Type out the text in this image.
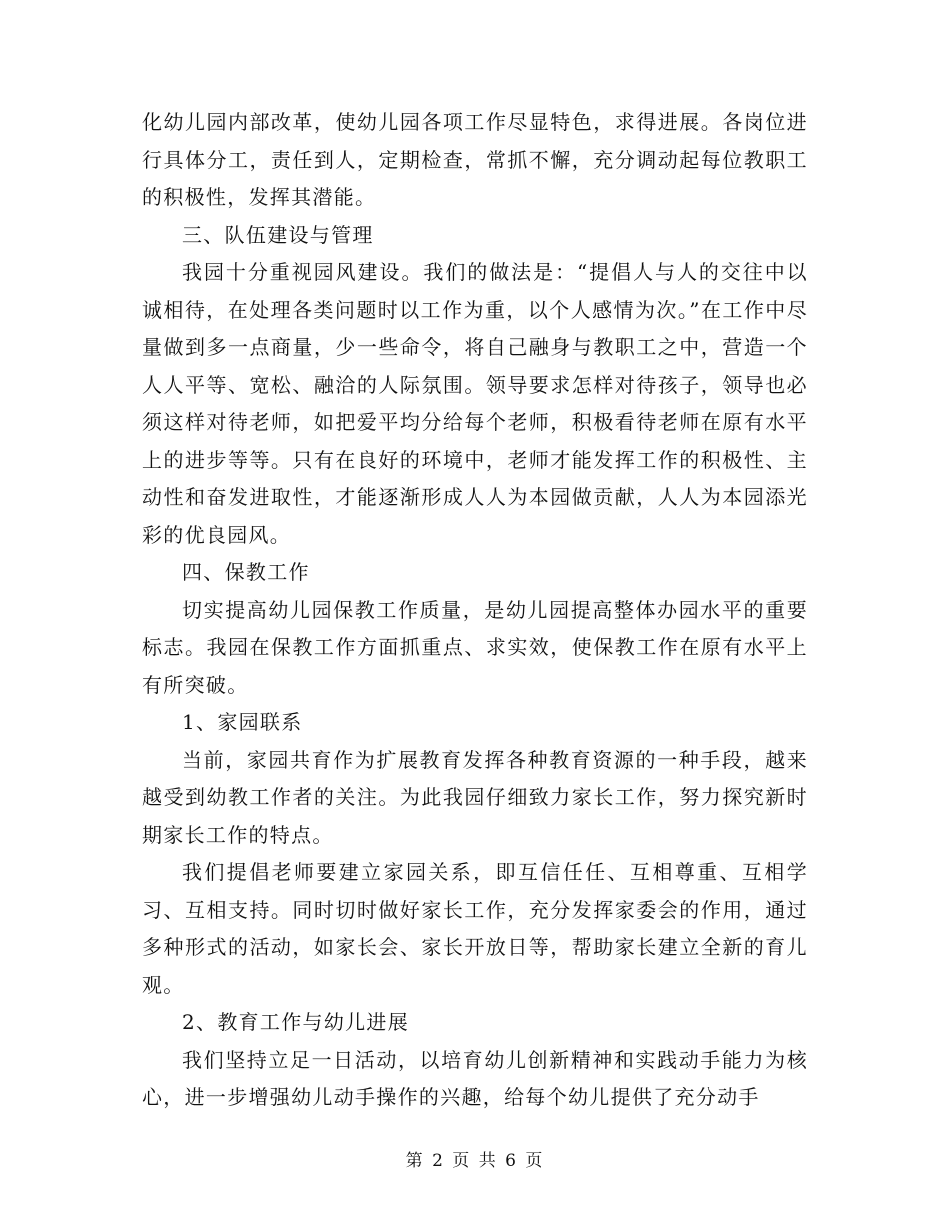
化幼儿园内部改革，使幼儿园各项工作尽显特色，求得进展。各岗位进行具体分工，责任到人，定期检查，常抓不懈，充分调动起每位教职工的积极性，发挥其潜能。

三、队伍建设与管理

我园十分重视园风建设。我们的做法是：“提倡人与人的交往中以诚相待，在处理各类问题时以工作为重，以个人感情为次。”在工作中尽量做到多一点商量，少一些命令，将自己融身与教职工之中，营造一个人人平等、宽松、融洽的人际氛围。领导要求怎样对待孩子，领导也必须这样对待老师，如把爱平均分给每个老师，积极看待老师在原有水平上的进步等等。只有在良好的环境中，老师才能发挥工作的积极性、主动性和奋发进取性，才能逐渐形成人人为本园做贡献，人人为本园添光彩的优良园风。

四、保教工作

切实提高幼儿园保教工作质量，是幼儿园提高整体办园水平的重要标志。我园在保教工作方面抓重点、求实效，使保教工作在原有水平上有所突破。

1、家园联系

当前，家园共育作为扩展教育发挥各种教育资源的一种手段，越来越受到幼教工作者的关注。为此我园仔细致力家长工作，努力探究新时期家长工作的特点。

我们提倡老师要建立家园关系，即互信任任、互相尊重、互相学习、互相支持。同时切时做好家长工作，充分发挥家委会的作用，通过多种形式的活动，如家长会、家长开放日等，帮助家长建立全新的育儿观。

2、教育工作与幼儿进展

我们坚持立足一日活动，以培育幼儿创新精神和实践动手能力为核心，进一步增强幼儿动手操作的兴趣，给每个幼儿提供了充分动手

第 2 页 共 6 页
